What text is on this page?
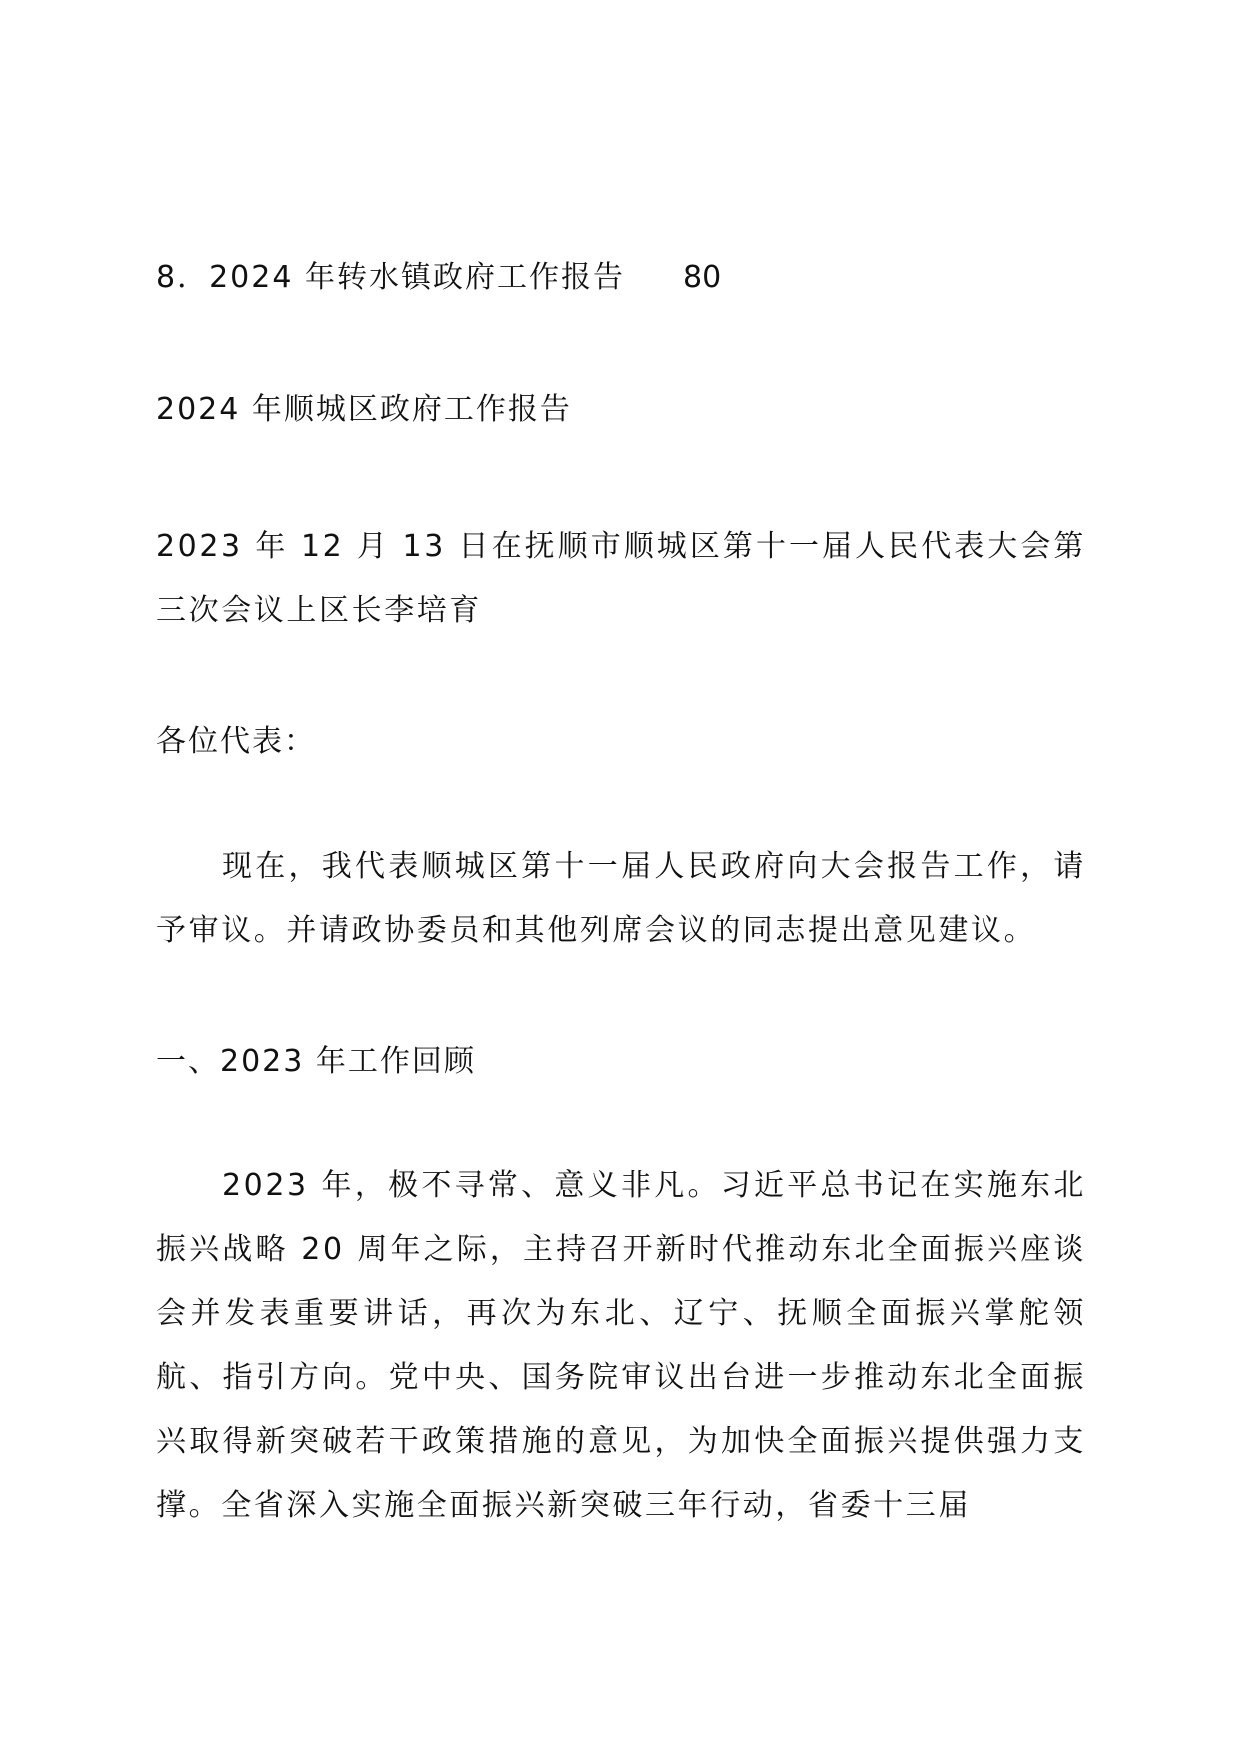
8．2024 年转水镇政府工作报告 80
2024 年顺城区政府工作报告
2023 年 12 月 13 日在抚顺市顺城区第十一届人民代表大会第三次会议上区长李培育
各位代表：
现在，我代表顺城区第十一届人民政府向大会报告工作，请予审议。并请政协委员和其他列席会议的同志提出意见建议。
一、2023 年工作回顾
2023 年，极不寻常、意义非凡。习近平总书记在实施东北振兴战略 20 周年之际，主持召开新时代推动东北全面振兴座谈会并发表重要讲话，再次为东北、辽宁、抚顺全面振兴掌舵领航、指引方向。党中央、国务院审议出台进一步推动东北全面振兴取得新突破若干政策措施的意见，为加快全面振兴提供强力支撑。全省深入实施全面振兴新突破三年行动，省委十三届
